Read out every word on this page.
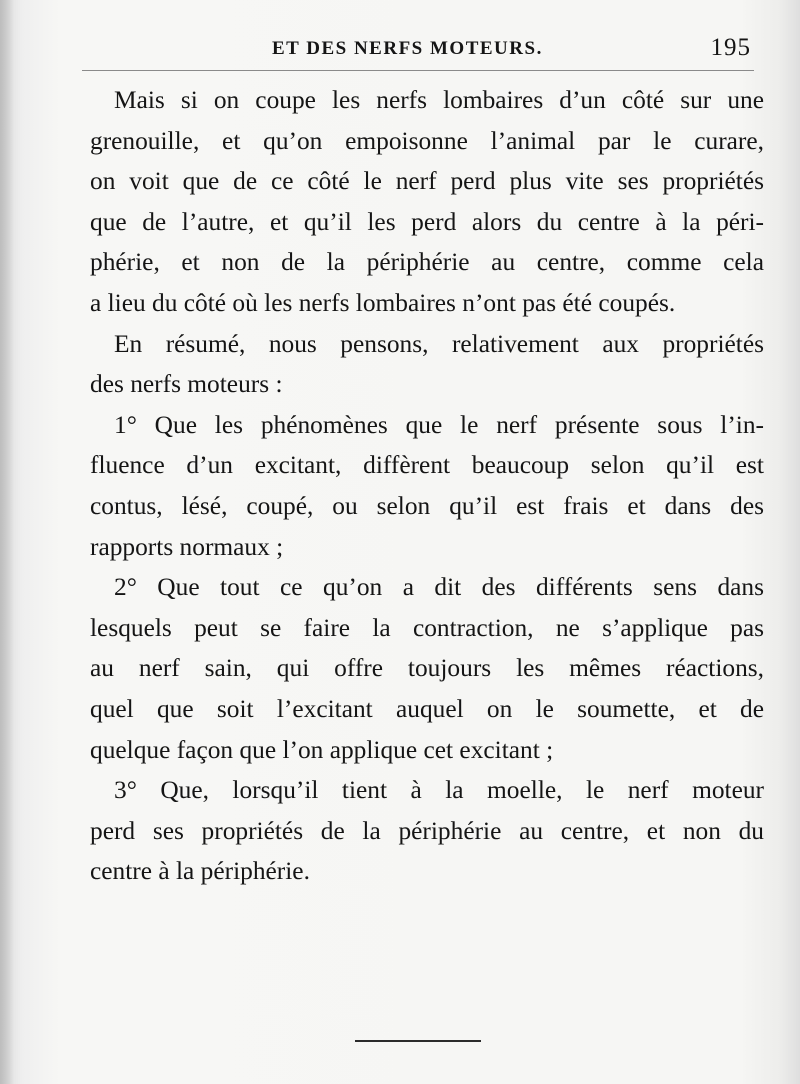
ET DES NERFS MOTEURS.	195
Mais si on coupe les nerfs lombaires d’un côté sur une
grenouille, et qu’on empoisonne l’animal par le curare,
on voit que de ce côté le nerf perd plus vite ses propriétés
que de l’autre, et qu’il les perd alors du centre à la péri-
phérie, et non de la périphérie au centre, comme cela
a lieu du côté où les nerfs lombaires n’ont pas été coupés.
En résumé, nous pensons, relativement aux propriétés
des nerfs moteurs :
1° Que les phénomènes que le nerf présente sous l’in-
fluence d’un excitant, diffèrent beaucoup selon qu’il est
contus, lésé, coupé, ou selon qu’il est frais et dans des
rapports normaux ;
2° Que tout ce qu’on a dit des différents sens dans
lesquels peut se faire la contraction, ne s’applique pas
au nerf sain, qui offre toujours les mêmes réactions,
quel que soit l’excitant auquel on le soumette, et de
quelque façon que l’on applique cet excitant ;
3° Que, lorsqu’il tient à la moelle, le nerf moteur
perd ses propriétés de la périphérie au centre, et non du
centre à la périphérie.
